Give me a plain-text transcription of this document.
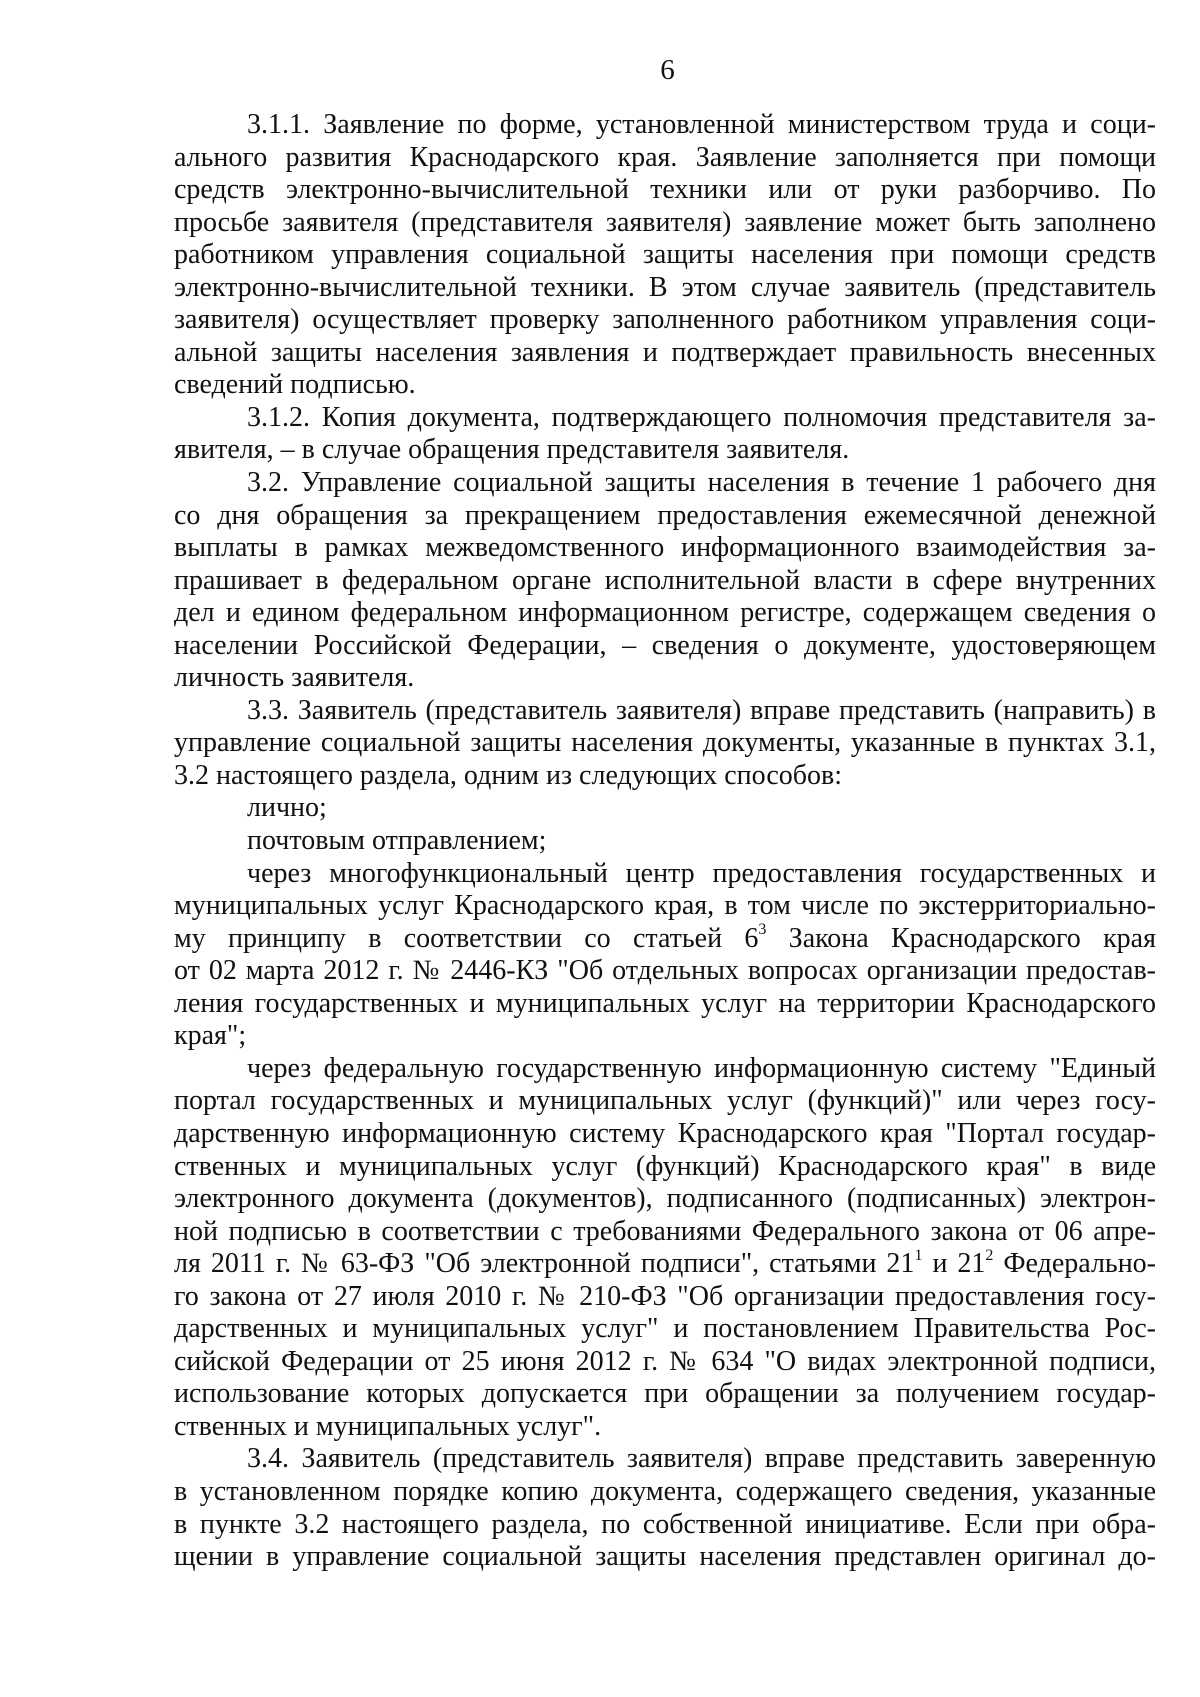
6

3.1.1. Заявление по форме, установленной министерством труда и соци-

ального развития Краснодарского края. Заявление заполняется при помощи

средств электронно-вычислительной техники или от руки разборчиво. По

просьбе заявителя (представителя заявителя) заявление может быть заполнено

работником управления социальной защиты населения при помощи средств

электронно-вычислительной техники. В этом случае заявитель (представитель

заявителя) осуществляет проверку заполненного работником управления соци-

альной защиты населения заявления и подтверждает правильность внесенных

сведений подписью.

3.1.2. Копия документа, подтверждающего полномочия представителя за-

явителя, – в случае обращения представителя заявителя.

3.2. Управление социальной защиты населения в течение 1 рабочего дня

со дня обращения за прекращением предоставления ежемесячной денежной

выплаты в рамках межведомственного информационного взаимодействия за-

прашивает в федеральном органе исполнительной власти в сфере внутренних

дел и едином федеральном информационном регистре, содержащем сведения о

населении Российской Федерации, – сведения о документе, удостоверяющем

личность заявителя.

3.3. Заявитель (представитель заявителя) вправе представить (направить) в

управление социальной защиты населения документы, указанные в пунктах 3.1,

3.2 настоящего раздела, одним из следующих способов:

лично;

почтовым отправлением;

через многофункциональный центр предоставления государственных и

муниципальных услуг Краснодарского края, в том числе по экстерриториально-

му принципу в соответствии со статьей $6^3$ Закона Краснодарского края

от 02 марта 2012 г. № 2446-КЗ "Об отдельных вопросах организации предостав-

ления государственных и муниципальных услуг на территории Краснодарского

края";

через федеральную государственную информационную систему "Единый

портал государственных и муниципальных услуг (функций)" или через госу-

дарственную информационную систему Краснодарского края "Портал государ-

ственных и муниципальных услуг (функций) Краснодарского края" в виде

электронного документа (документов), подписанного (подписанных) электрон-

ной подписью в соответствии с требованиями Федерального закона от 06 апре-

ля 2011 г. № 63-ФЗ "Об электронной подписи", статьями $21^1$ и $21^2$ Федерально-

го закона от 27 июля 2010 г. № 210-ФЗ "Об организации предоставления госу-

дарственных и муниципальных услуг" и постановлением Правительства Рос-

сийской Федерации от 25 июня 2012 г. № 634 "О видах электронной подписи,

использование которых допускается при обращении за получением государ-

ственных и муниципальных услуг".

3.4. Заявитель (представитель заявителя) вправе представить заверенную

в установленном порядке копию документа, содержащего сведения, указанные

в пункте 3.2 настоящего раздела, по собственной инициативе. Если при обра-

щении в управление социальной защиты населения представлен оригинал до-
